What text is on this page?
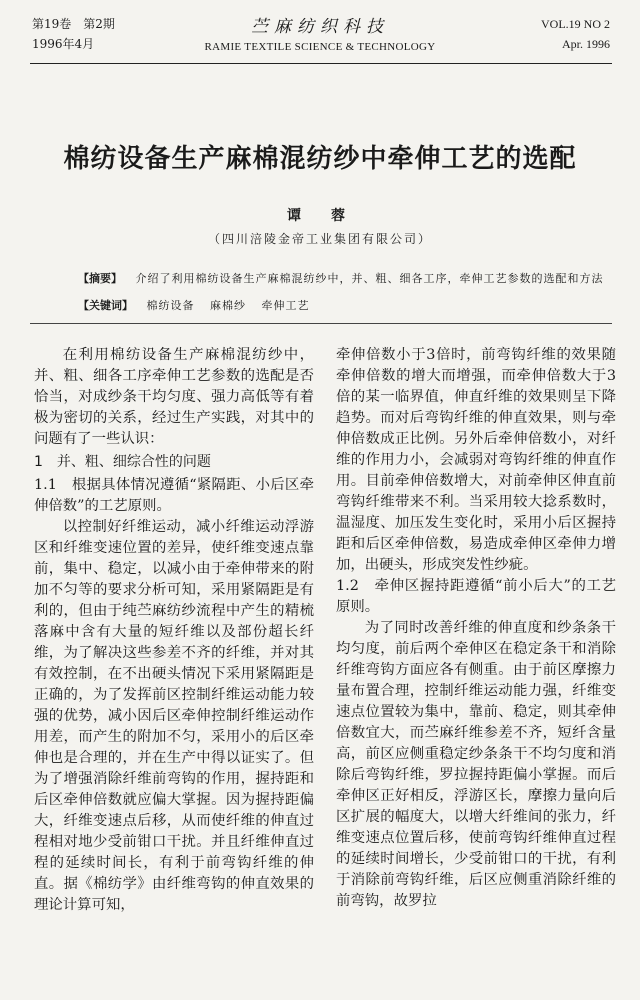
第19卷　第2期
1996年4月
苎麻纺织科技
RAMIE TEXTILE SCIENCE & TECHNOLOGY
VOL.19 NO 2
Apr. 1996
棉纺设备生产麻棉混纺纱中牵伸工艺的选配
谭　蓉
（四川涪陵金帝工业集团有限公司）
【摘要】 介绍了利用棉纺设备生产麻棉混纺纱中，并、粗、细各工序，牵伸工艺参数的选配和方法
【关键词】 棉纺设备 麻棉纱 牵伸工艺

在利用棉纺设备生产麻棉混纺纱中，并、粗、细各工序牵伸工艺参数的选配是否恰当，对成纱条干均匀度、强力高低等有着极为密切的关系，经过生产实践，对其中的问题有了一些认识：

1　并、粗、细综合性的问题

1.1　根据具体情况遵循“紧隔距、小后区牵伸倍数”的工艺原则。

以控制好纤维运动，减小纤维运动浮游区和纤维变速位置的差异，使纤维变速点靠前，集中、稳定，以减小由于牵伸带来的附加不匀等的要求分析可知，采用紧隔距是有利的，但由于纯苎麻纺纱流程中产生的精梳落麻中含有大量的短纤维以及部份超长纤维，为了解决这些参差不齐的纤维，并对其有效控制，在不出硬头情况下采用紧隔距是正确的，为了发挥前区控制纤维运动能力较强的优势，减小因后区牵伸控制纤维运动作用差，而产生的附加不匀，采用小的后区牵伸也是合理的，并在生产中得以证实了。但为了增强消除纤维前弯钩的作用，握持距和后区牵伸倍数就应偏大掌握。因为握持距偏大，纤维变速点后移，从而使纤维的伸直过程相对地少受前钳口干扰。并且纤维伸直过程的延续时间长，有利于前弯钩纤维的伸直。据《棉纺学》由纤维弯钩的伸直效果的理论计算可知，

牵伸倍数小于3倍时，前弯钩纤维的效果随牵伸倍数的增大而增强，而牵伸倍数大于3倍的某一临界值，伸直纤维的效果则呈下降趋势。而对后弯钩纤维的伸直效果，则与牵伸倍数成正比例。另外后牵伸倍数小，对纤维的作用力小，会减弱对弯钩纤维的伸直作用。目前牵伸倍数增大，对前牵伸区伸直前弯钩纤维带来不利。当采用较大捻系数时，温湿度、加压发生变化时，采用小后区握持距和后区牵伸倍数，易造成牵伸区牵伸力增加，出硬头，形成突发性纱疵。

1.2　牵伸区握持距遵循“前小后大”的工艺原则。

为了同时改善纤维的伸直度和纱条条干均匀度，前后两个牵伸区在稳定条干和消除纤维弯钩方面应各有侧重。由于前区摩擦力量布置合理，控制纤维运动能力强，纤维变速点位置较为集中，靠前、稳定，则其牵伸倍数宜大，而苎麻纤维参差不齐，短纤含量高，前区应侧重稳定纱条条干不均匀度和消除后弯钩纤维，罗拉握持距偏小掌握。而后牵伸区正好相反，浮游区长，摩擦力量向后区扩展的幅度大，以增大纤维间的张力，纤维变速点位置后移，使前弯钩纤维伸直过程的延续时间增长，少受前钳口的干扰，有利于消除前弯钩纤维，后区应侧重消除纤维的前弯钩，故罗拉
